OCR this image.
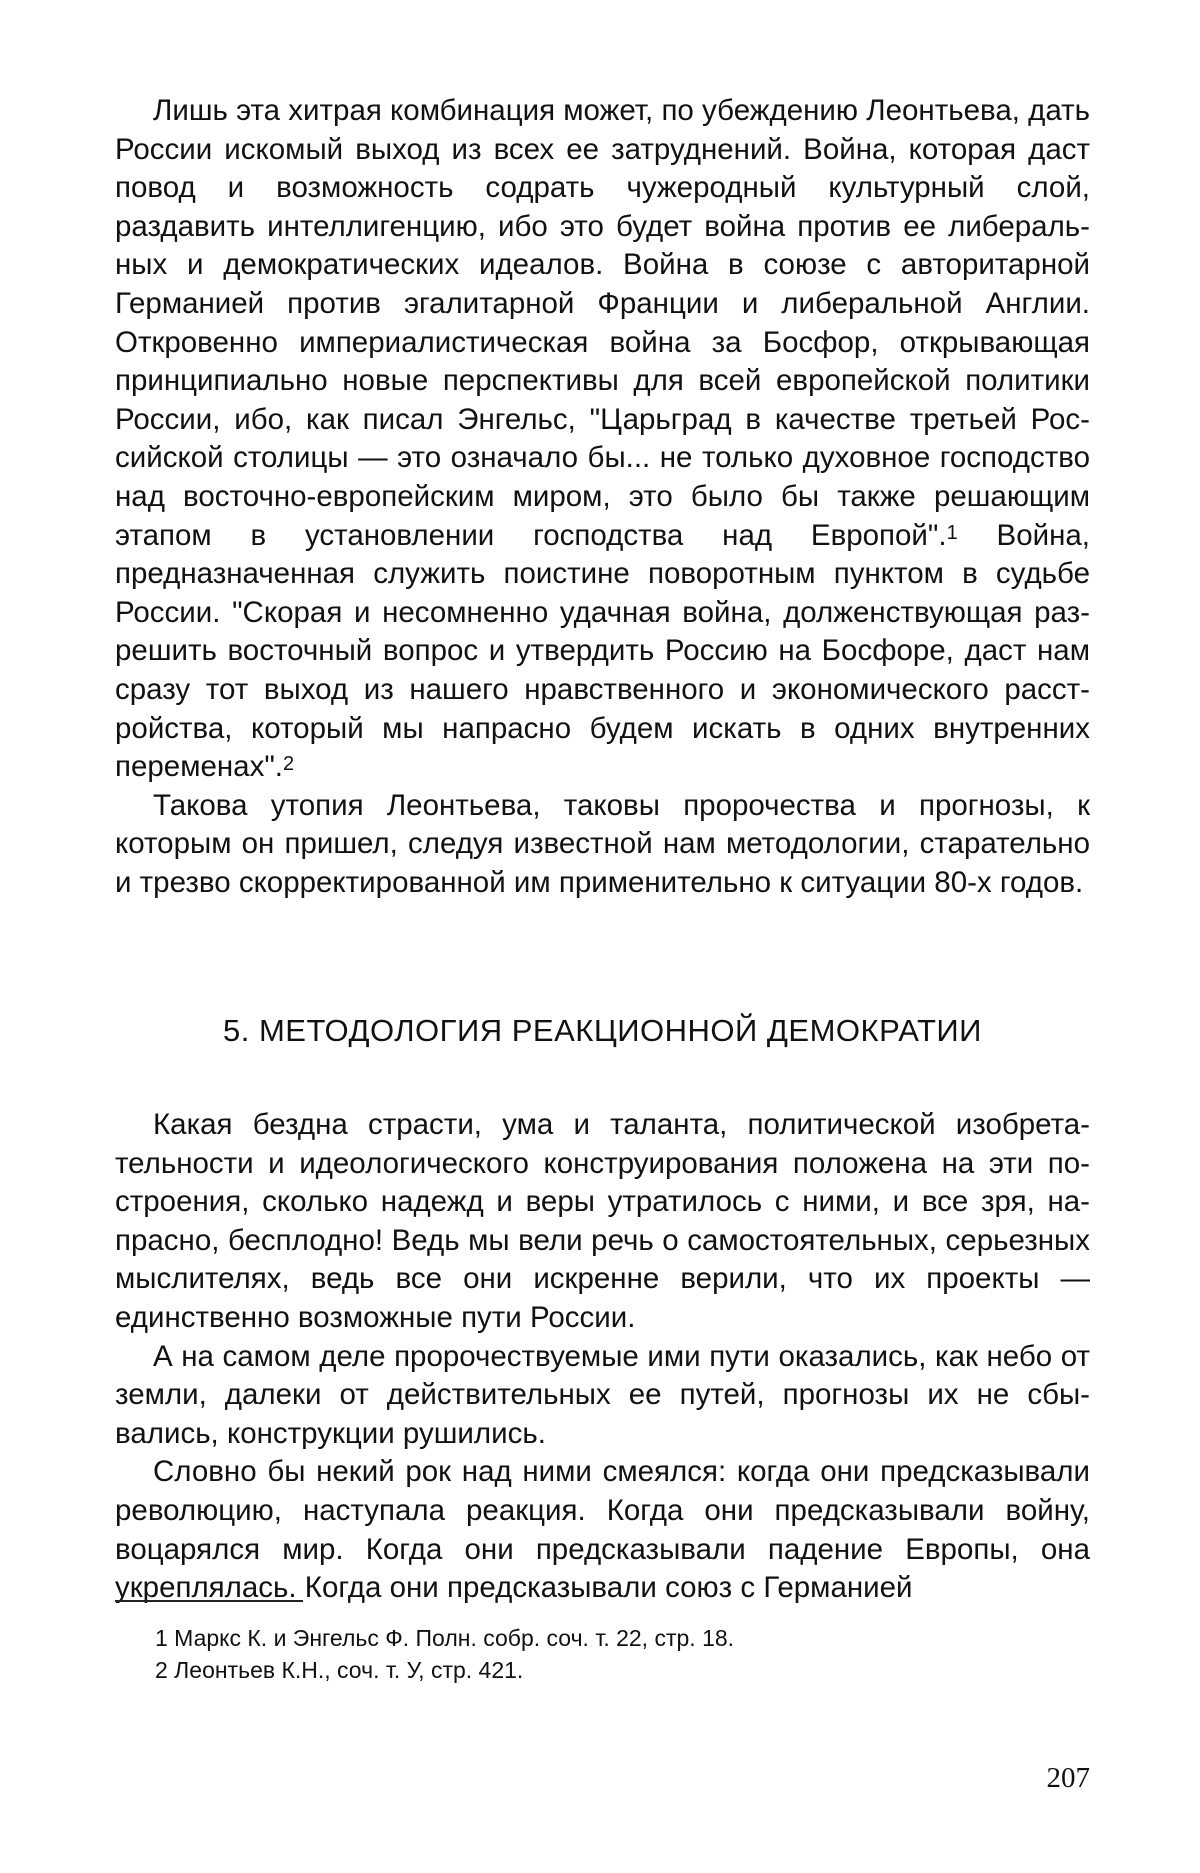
Лишь эта хитрая комбинация может, по убеждению Леонтьева, дать России искомый выход из всех ее затруднений. Война, которая даст повод и возможность содрать чужеродный культурный слой, раздавить интеллигенцию, ибо это будет война против ее либеральных и демократических идеалов. Война в союзе с авторитарной Германией против эгалитарной Франции и либеральной Англии. Откровенно империалистическая война за Босфор, открывающая принципиально новые перспективы для всей европейской политики России, ибо, как писал Энгельс, "Царьград в качестве третьей Российской столицы — это означало бы... не только духовное господство над восточно-европейским миром, это было бы также решающим этапом в установлении господства над Европой".$^1$ Война, предназначенная служить поистине поворотным пунктом в судьбе России. "Скорая и несомненно удачная война, долженствующая разрешить восточный вопрос и утвердить Россию на Босфоре, даст нам сразу тот выход из нашего нравственного и экономического расстройства, который мы напрасно будем искать в одних внутренних переменах".$^2$

Такова утопия Леонтьева, таковы пророчества и прогнозы, к которым он пришел, следуя известной нам методологии, старательно и трезво скорректированной им применительно к ситуации 80-х годов.

5. МЕТОДОЛОГИЯ РЕАКЦИОННОЙ ДЕМОКРАТИИ

Какая бездна страсти, ума и таланта, политической изобретательности и идеологического конструирования положена на эти построения, сколько надежд и веры утратилось с ними, и все зря, напрасно, бесплодно! Ведь мы вели речь о самостоятельных, серьезных мыслителях, ведь все они искренне верили, что их проекты — единственно возможные пути России.

А на самом деле пророчествуемые ими пути оказались, как небо от земли, далеки от действительных ее путей, прогнозы их не сбывались, конструкции рушились.

Словно бы некий рок над ними смеялся: когда они предсказывали революцию, наступала реакция. Когда они предсказывали войну, воцарялся мир. Когда они предсказывали падение Европы, она укреплялась. Когда они предсказывали союз с Германией

1 Маркс К. и Энгельс Ф. Полн. собр. соч. т. 22, стр. 18.
2 Леонтьев К.Н., соч. т. У, стр. 421.
207
